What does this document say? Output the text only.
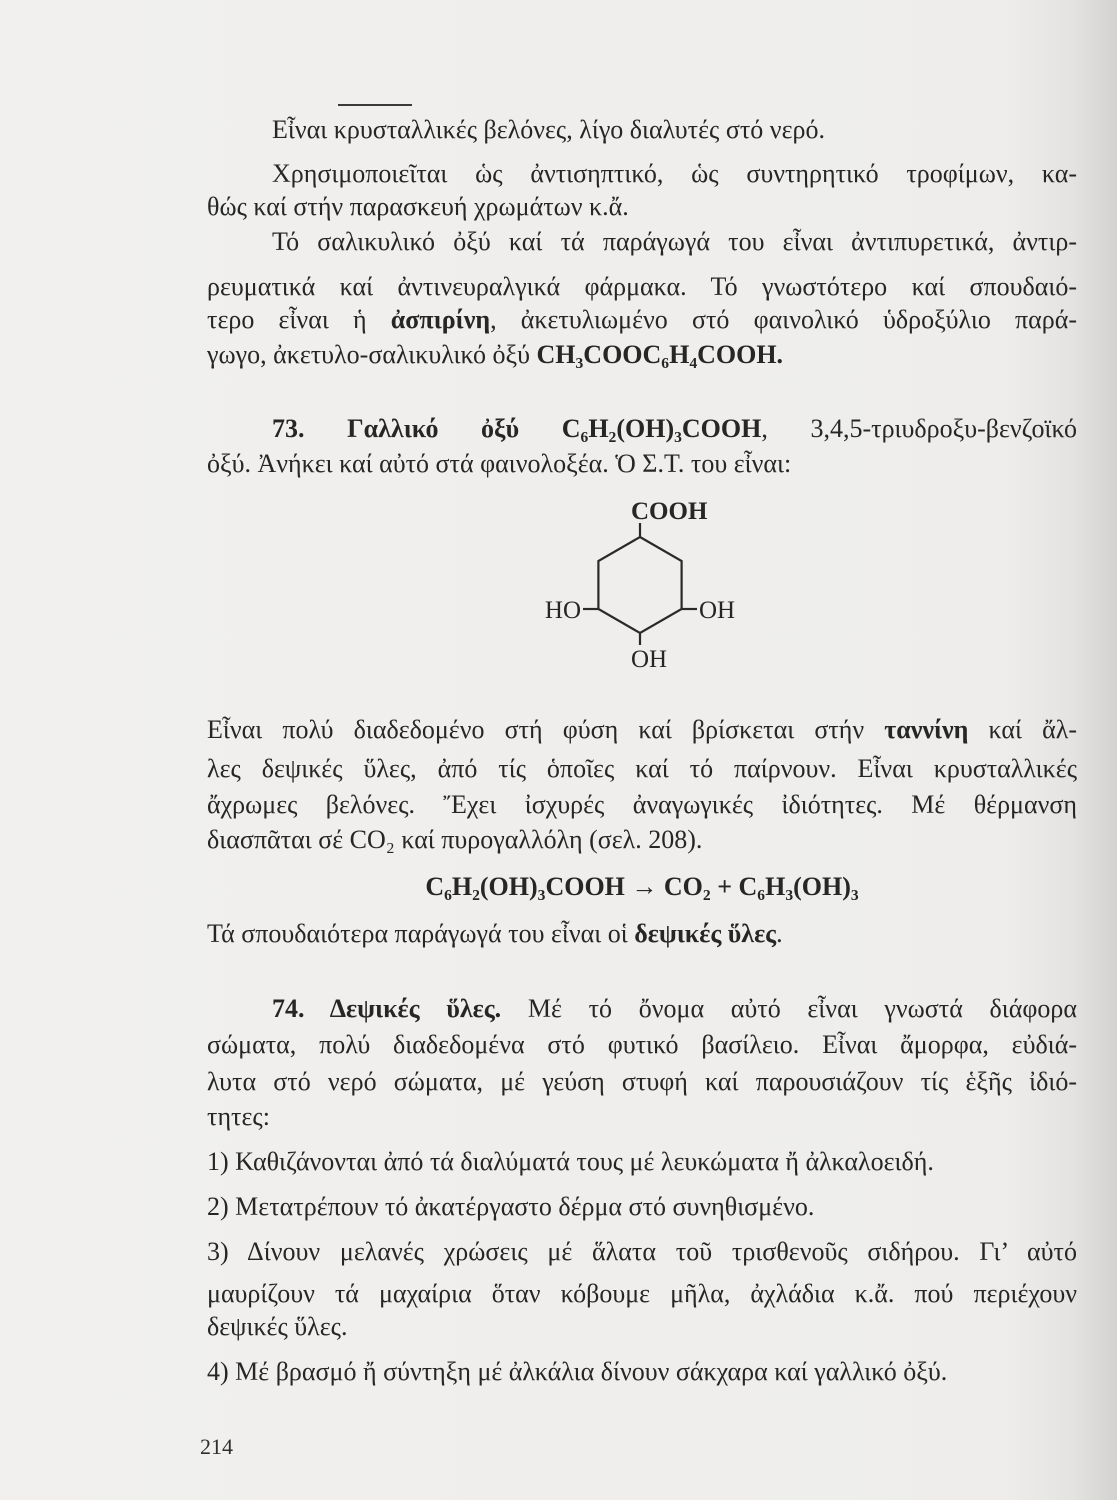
Εἶναι κρυσταλλικές βελόνες, λίγο διαλυτές στό νερό.
Χρησιμοποιεῖται ὡς ἀντισηπτικό, ὡς συντηρητικό τροφίμων, κα-
θώς καί στήν παρασκευή χρωμάτων κ.ἄ.
Τό σαλικυλικό ὀξύ καί τά παράγωγά του εἶναι ἀντιπυρετικά, ἀντιρ-
ρευματικά καί ἀντινευραλγικά φάρμακα. Τό γνωστότερο καί σπουδαιό-
τερο εἶναι ἡ ἀσπιρίνη, ἀκετυλιωμένο στό φαινολικό ὑδροξύλιο παρά-
γωγο, ἀκετυλο-σαλικυλικό ὀξύ CH₃COOC₆H₄COOH.
73. Γαλλικό ὀξύ C₆H₂(OH)₃COOH, 3,4,5-τριυδροξυ-βενζοϊκό
ὀξύ. Ἀνήκει καί αὐτό στά φαινολοξέα. Ὁ Σ.Τ. του εἶναι:
COOH
HO	OH
OH
Εἶναι πολύ διαδεδομένο στή φύση καί βρίσκεται στήν ταννίνη καί ἄλ-
λες δεψικές ὕλες, ἀπό τίς ὁποῖες καί τό παίρνουν. Εἶναι κρυσταλλικές
ἄχρωμες βελόνες. Ἔχει ἰσχυρές ἀναγωγικές ἰδιότητες. Μέ θέρμανση
διασπᾶται σέ CO₂ καί πυρογαλλόλη (σελ. 208).
C₆H₂(OH)₃COOH → CO₂ + C₆H₃(OH)₃
Τά σπουδαιότερα παράγωγά του εἶναι οἱ δεψικές ὕλες.
74. Δεψικές ὕλες. Μέ τό ὄνομα αὐτό εἶναι γνωστά διάφορα
σώματα, πολύ διαδεδομένα στό φυτικό βασίλειο. Εἶναι ἄμορφα, εὐδιά-
λυτα στό νερό σώματα, μέ γεύση στυφή καί παρουσιάζουν τίς ἑξῆς ἰδιό-
τητες:
1) Καθιζάνονται ἀπό τά διαλύματά τους μέ λευκώματα ἤ ἀλκαλοειδή.
2) Μετατρέπουν τό ἀκατέργαστο δέρμα στό συνηθισμένο.
3) Δίνουν μελανές χρώσεις μέ ἅλατα τοῦ τρισθενοῦς σιδήρου. Γι’ αὐτό
μαυρίζουν τά μαχαίρια ὅταν κόβουμε μῆλα, ἀχλάδια κ.ἄ. πού περιέχουν
δεψικές ὕλες.
4) Μέ βρασμό ἤ σύντηξη μέ ἀλκάλια δίνουν σάκχαρα καί γαλλικό ὀξύ.
214
